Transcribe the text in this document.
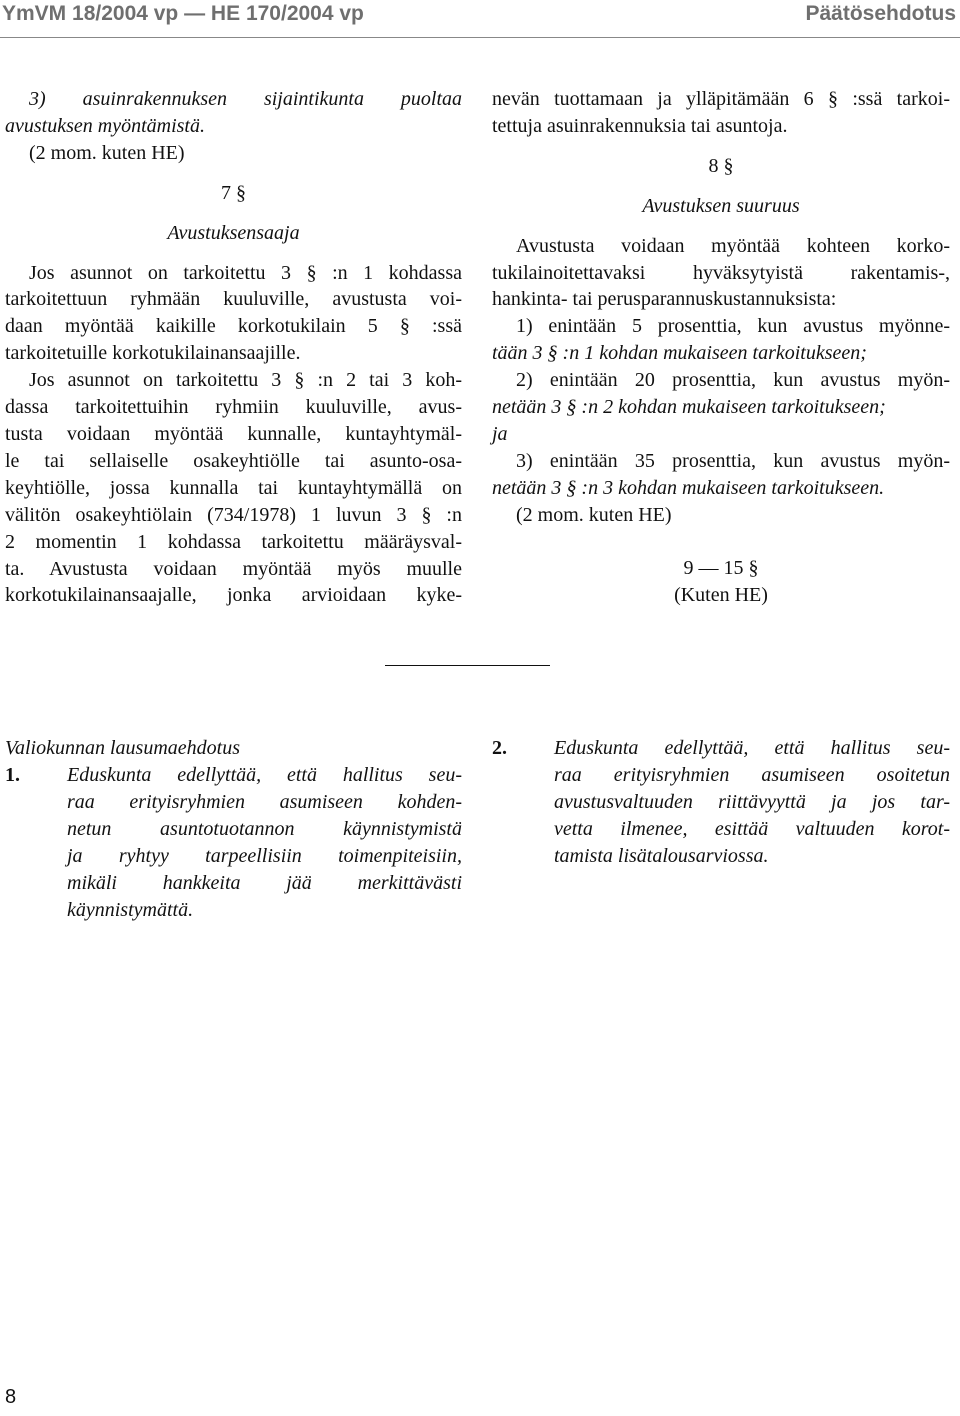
YmVM 18/2004 vp — HE 170/2004 vp	Päätösehdotus
3) asuinrakennuksen sijaintikunta puoltaa
avustuksen myöntämistä.
(2 mom. kuten HE)
7 §
Avustuksensaaja
Jos asunnot on tarkoitettu 3 § :n 1 kohdassa
tarkoitettuun ryhmään kuuluville, avustusta voi-
daan myöntää kaikille korkotukilain 5 § :ssä
tarkoitetuille korkotukilainansaajille.
Jos asunnot on tarkoitettu 3 § :n 2 tai 3 koh-
dassa tarkoitettuihin ryhmiin kuuluville, avus-
tusta voidaan myöntää kunnalle, kuntayhtymäl-
le tai sellaiselle osakeyhtiölle tai asunto-osa-
keyhtiölle, jossa kunnalla tai kuntayhtymällä on
välitön osakeyhtiölain (734/1978) 1 luvun 3 § :n
2 momentin 1 kohdassa tarkoitettu määräysval-
ta. Avustusta voidaan myöntää myös muulle
korkotukilainansaajalle, jonka arvioidaan kyke-
nevän tuottamaan ja ylläpitämään 6 § :ssä tarkoi-
tettuja asuinrakennuksia tai asuntoja.
8 §
Avustuksen suuruus
Avustusta voidaan myöntää kohteen korko-
tukilainoitettavaksi hyväksytyistä rakentamis-,
hankinta- tai perusparannuskustannuksista:
1) enintään 5 prosenttia, kun avustus myönne-
tään 3 § :n 1 kohdan mukaiseen tarkoitukseen;
2) enintään 20 prosenttia, kun avustus myön-
netään 3 § :n 2 kohdan mukaiseen tarkoitukseen;
ja
3) enintään 35 prosenttia, kun avustus myön-
netään 3 § :n 3 kohdan mukaiseen tarkoitukseen.
(2 mom. kuten HE)
9 — 15 §
(Kuten HE)
Valiokunnan lausumaehdotus
1. Eduskunta edellyttää, että hallitus seu-
raa erityisryhmien asumiseen kohden-
netun asuntotuotannon käynnistymistä
ja ryhtyy tarpeellisiin toimenpiteisiin,
mikäli hankkeita jää merkittävästi
käynnistymättä.
2. Eduskunta edellyttää, että hallitus seu-
raa erityisryhmien asumiseen osoitetun
avustusvaltuuden riittävyyttä ja jos tar-
vetta ilmenee, esittää valtuuden korot-
tamista lisätalousarviossa.
8
